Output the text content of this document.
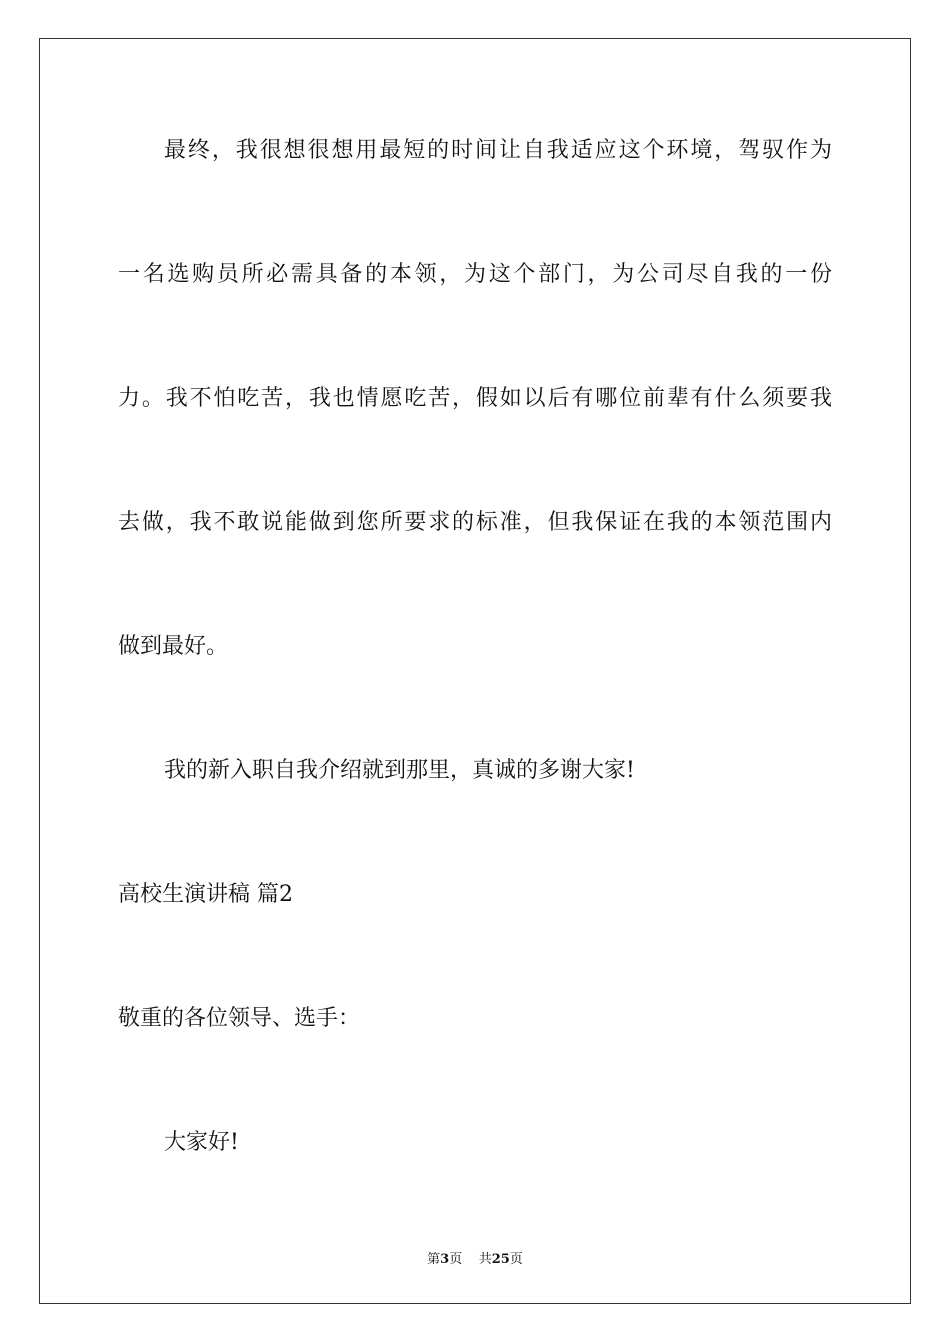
最终，我很想很想用最短的时间让自我适应这个环境，驾驭作为
一名选购员所必需具备的本领，为这个部门，为公司尽自我的一份
力。我不怕吃苦，我也情愿吃苦，假如以后有哪位前辈有什么须要我
去做，我不敢说能做到您所要求的标准，但我保证在我的本领范围内
做到最好。
我的新入职自我介绍就到那里，真诚的多谢大家!
高校生演讲稿 篇2
敬重的各位领导、选手：
大家好!
第3页 共25页
